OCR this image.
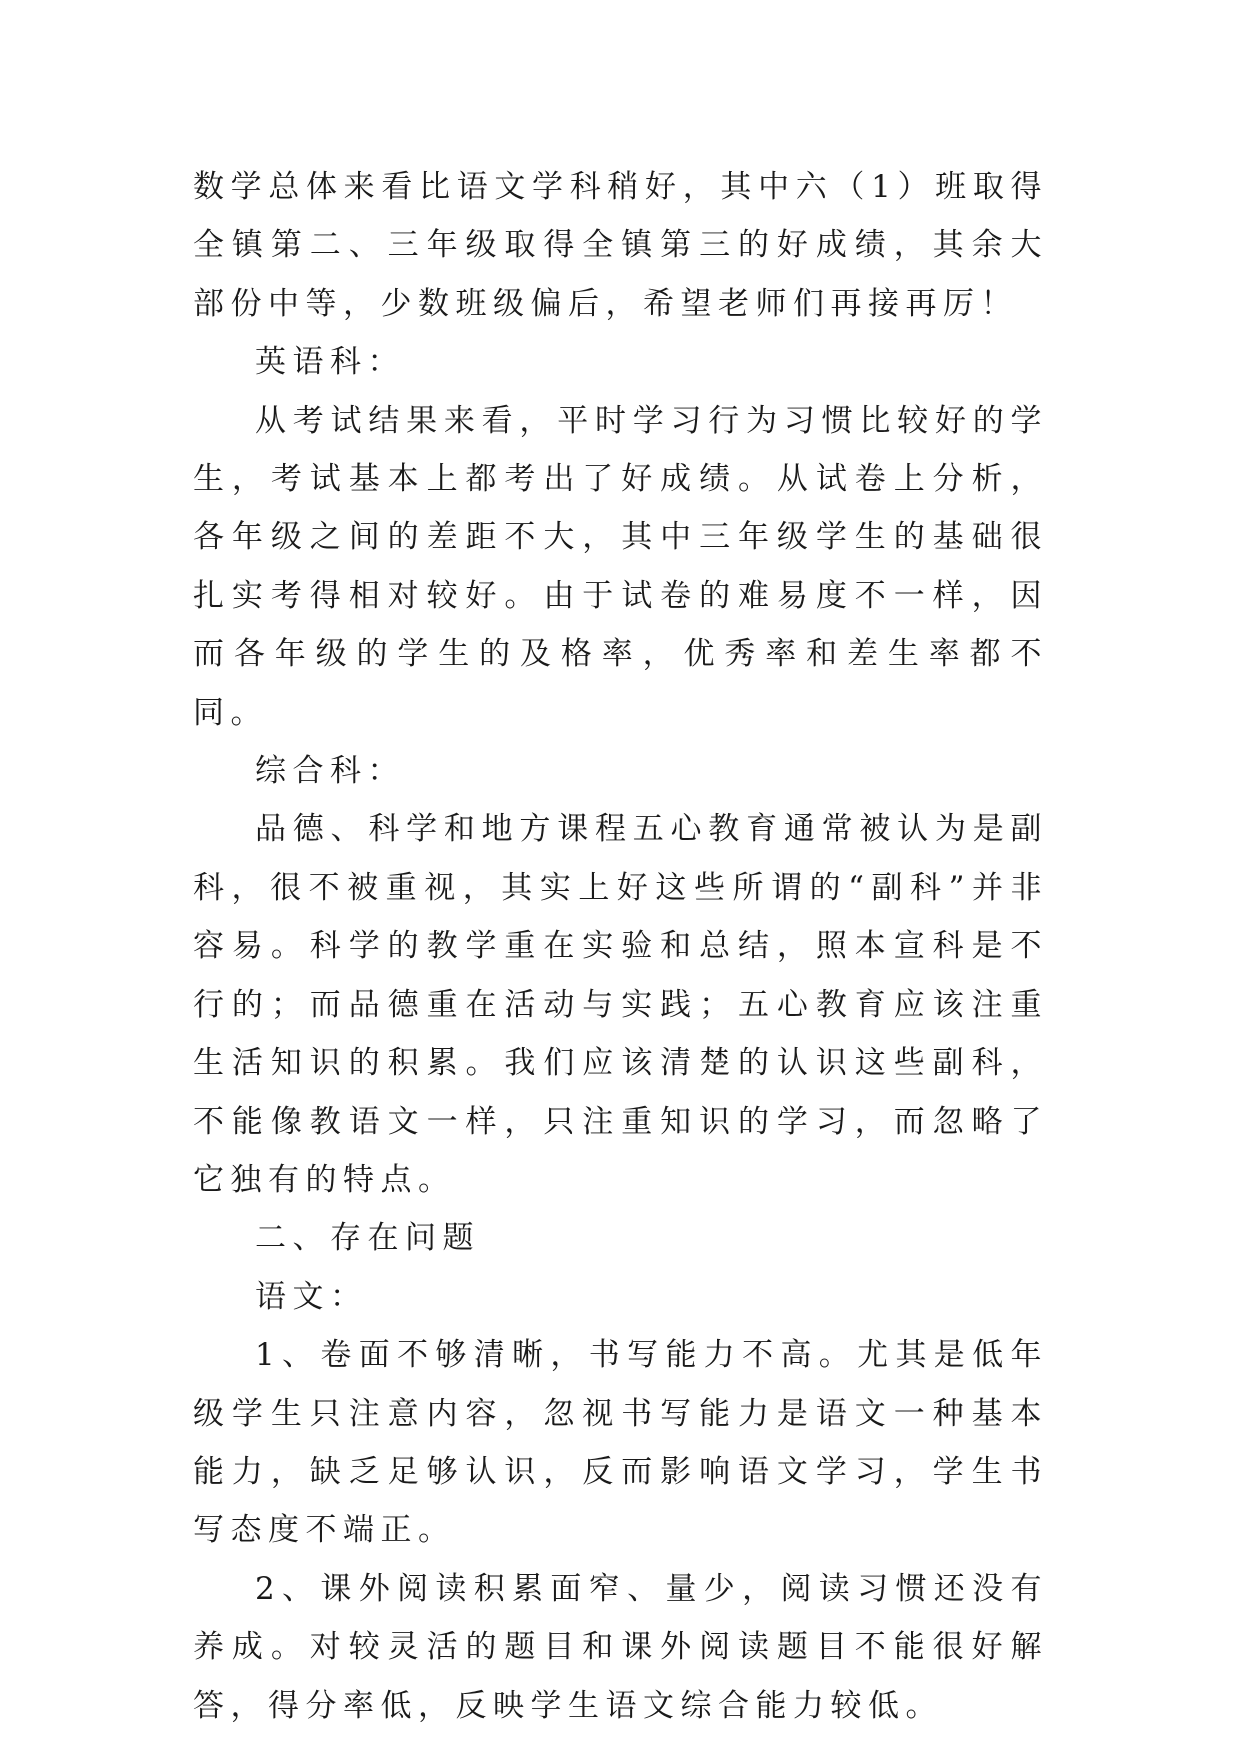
数学总体来看比语文学科稍好，其中六（1）班取得全镇第二、三年级取得全镇第三的好成绩，其余大部份中等，少数班级偏后，希望老师们再接再厉！

英语科：

从考试结果来看，平时学习行为习惯比较好的学生，考试基本上都考出了好成绩。从试卷上分析，各年级之间的差距不大，其中三年级学生的基础很扎实考得相对较好。由于试卷的难易度不一样，因而各年级的学生的及格率，优秀率和差生率都不同。

综合科：

品德、科学和地方课程五心教育通常被认为是副科，很不被重视，其实上好这些所谓的“副科”并非容易。科学的教学重在实验和总结，照本宣科是不行的；而品德重在活动与实践；五心教育应该注重生活知识的积累。我们应该清楚的认识这些副科，不能像教语文一样，只注重知识的学习，而忽略了它独有的特点。

二、存在问题

语文：

1、卷面不够清晰，书写能力不高。尤其是低年级学生只注意内容，忽视书写能力是语文一种基本能力，缺乏足够认识，反而影响语文学习，学生书写态度不端正。

2、课外阅读积累面窄、量少，阅读习惯还没有养成。对较灵活的题目和课外阅读题目不能很好解答，得分率低，反映学生语文综合能力较低。
